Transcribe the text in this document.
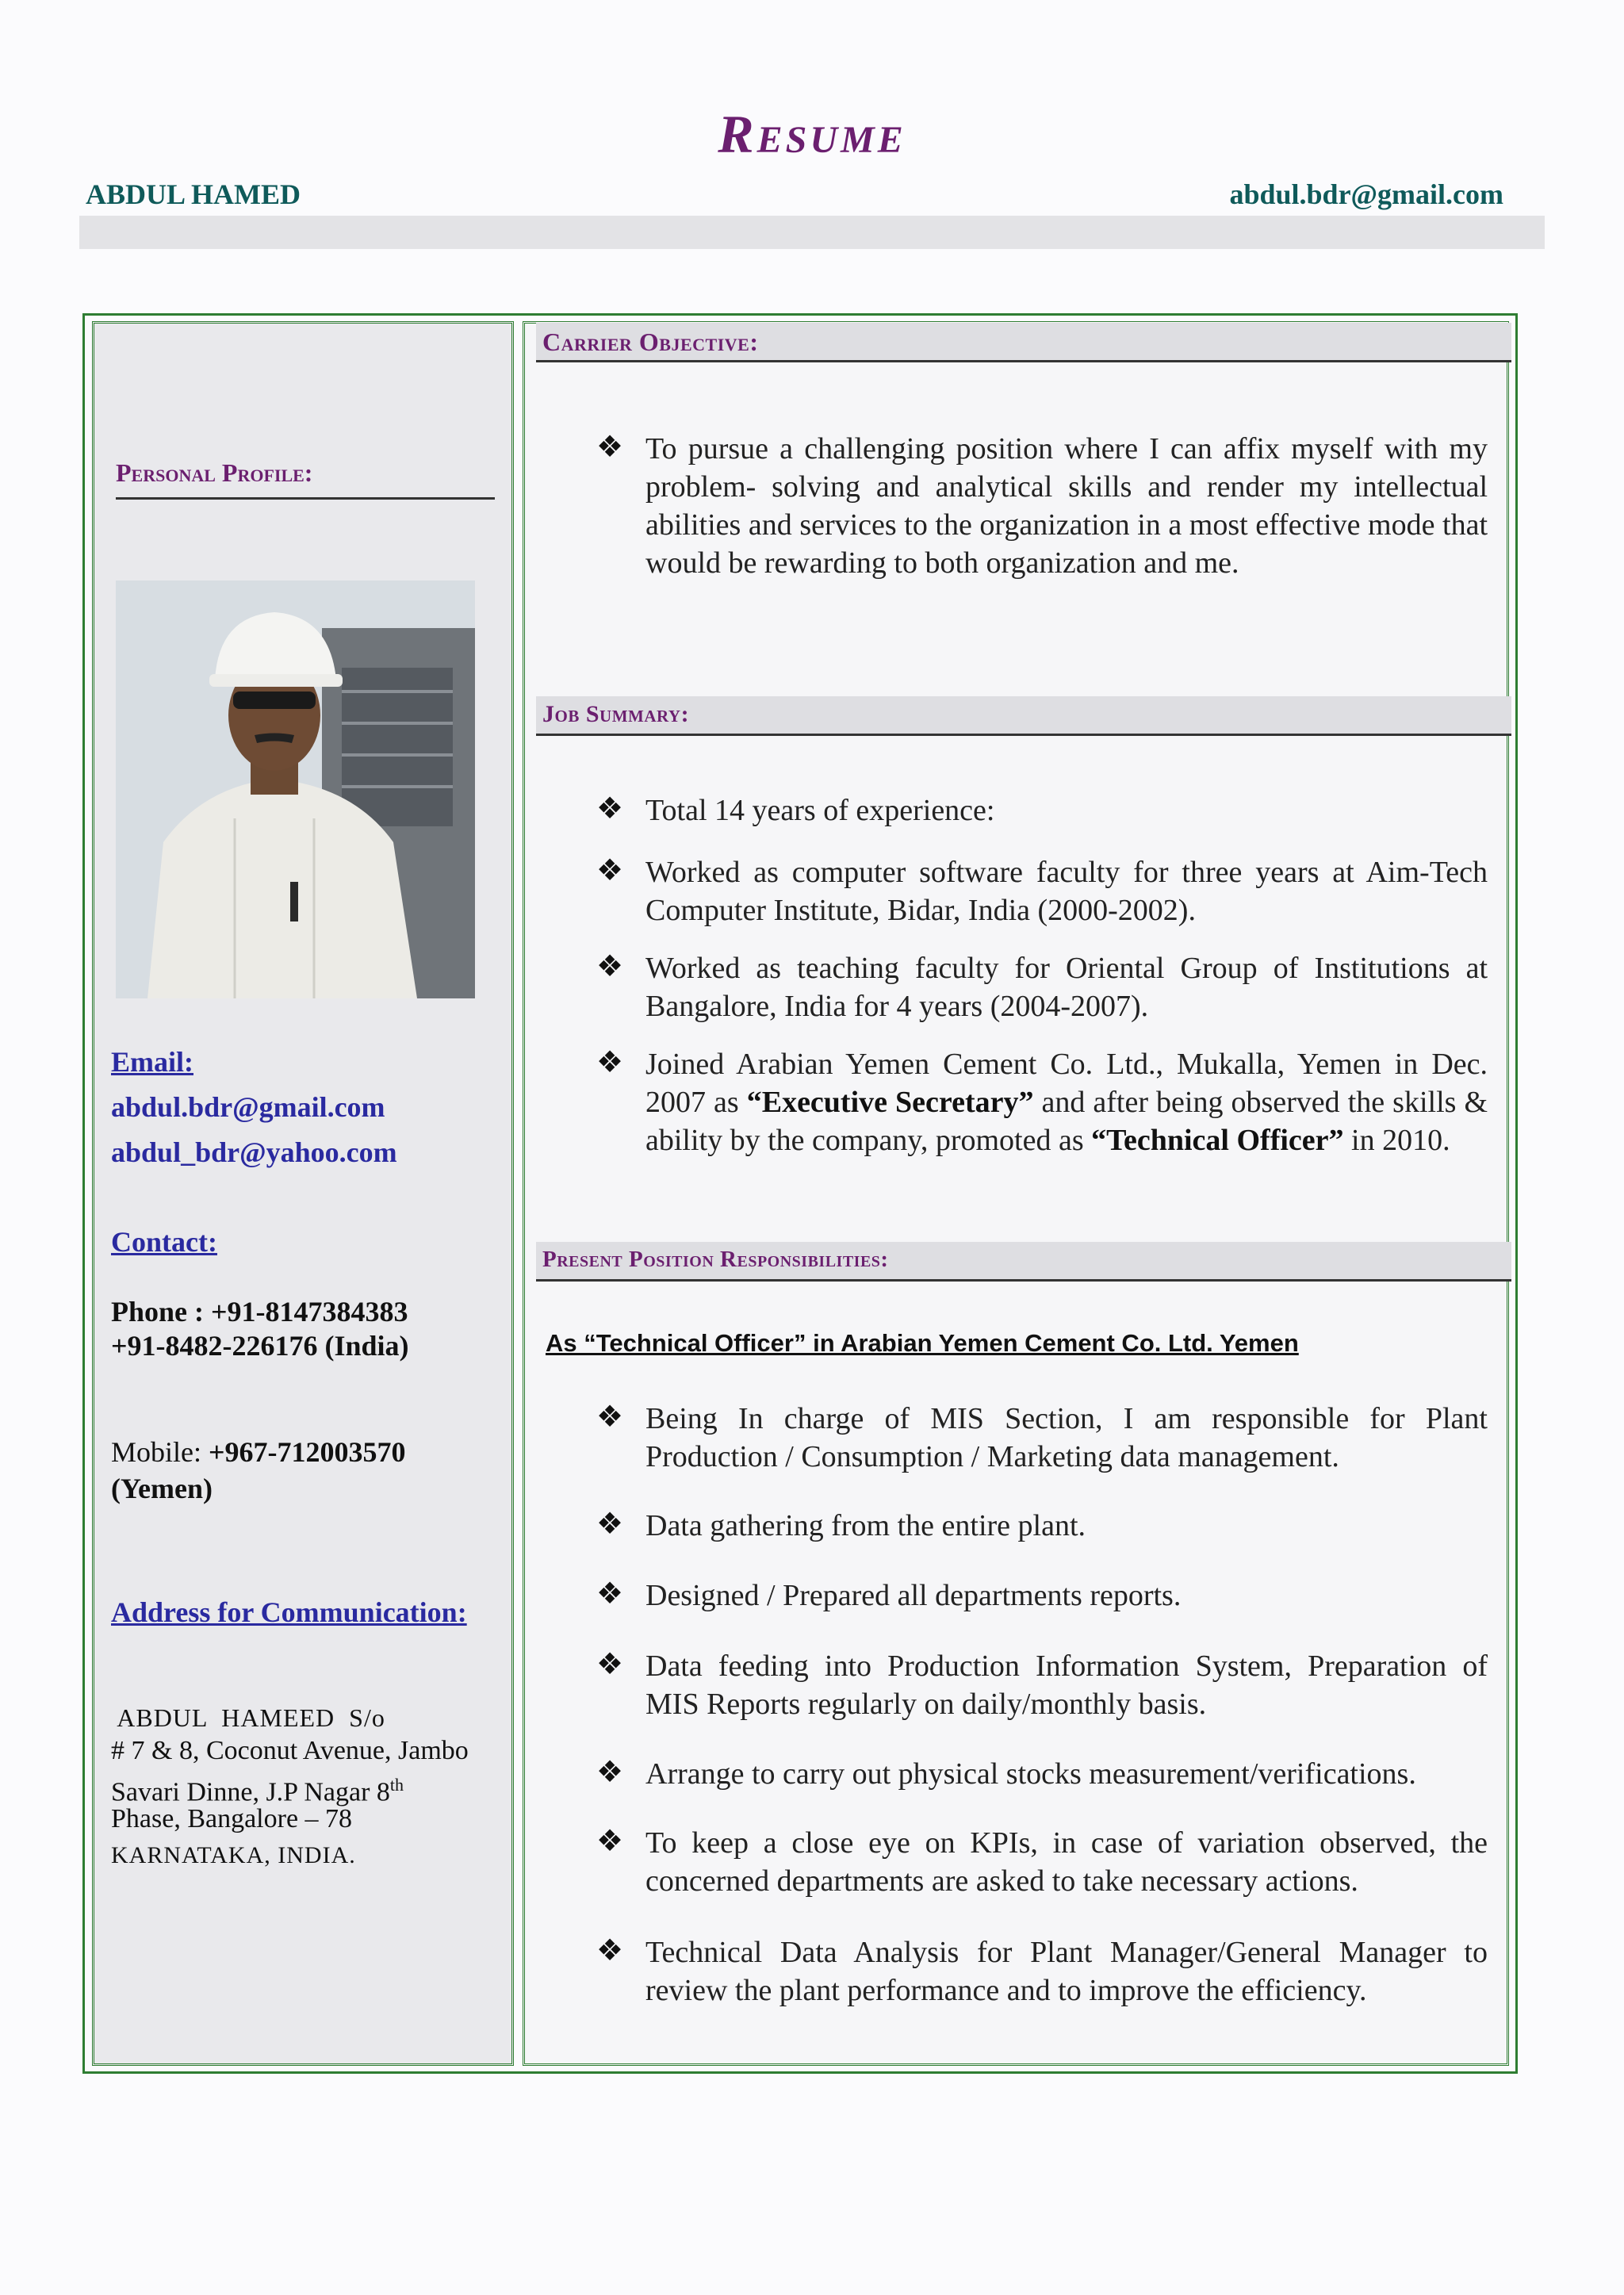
RESUME
ABDUL HAMED	abdul.bdr@gmail.com
Personal Profile:
Email:
abdul.bdr@gmail.com
abdul_bdr@yahoo.com
Contact:
Phone : +91-8147384383
+91-8482-226176 (India)
Mobile: +967-712003570
(Yemen)
Address for Communication:
ABDUL  HAMEED  S/o
# 7 & 8, Coconut Avenue, Jambo
Savari Dinne, J.P Nagar 8th
Phase, Bangalore – 78
KARNATAKA, INDIA.
Carrier Objective:
❖ To pursue a challenging position where I can affix myself with my problem- solving and analytical skills and render my intellectual abilities and services to the organization in a most effective mode that would be rewarding to both organization and me.
Job Summary:
❖ Total 14 years of experience:
❖ Worked as computer software faculty for three years at Aim-Tech Computer Institute, Bidar, India (2000-2002).
❖ Worked as teaching faculty for Oriental Group of Institutions at Bangalore, India for 4 years (2004-2007).
❖ Joined Arabian Yemen Cement Co. Ltd., Mukalla, Yemen in Dec. 2007 as “Executive Secretary” and after being observed the skills & ability by the company, promoted as “Technical Officer” in 2010.
Present Position Responsibilities:
As “Technical Officer” in Arabian Yemen Cement Co. Ltd. Yemen
❖ Being In charge of MIS Section, I am responsible for Plant Production / Consumption / Marketing data management.
❖ Data gathering from the entire plant.
❖ Designed / Prepared all departments reports.
❖ Data feeding into Production Information System, Preparation of MIS Reports regularly on daily/monthly basis.
❖ Arrange to carry out physical stocks measurement/verifications.
❖ To keep a close eye on KPIs, in case of variation observed, the concerned departments are asked to take necessary actions.
❖ Technical Data Analysis for Plant Manager/General Manager to review the plant performance and to improve the efficiency.
